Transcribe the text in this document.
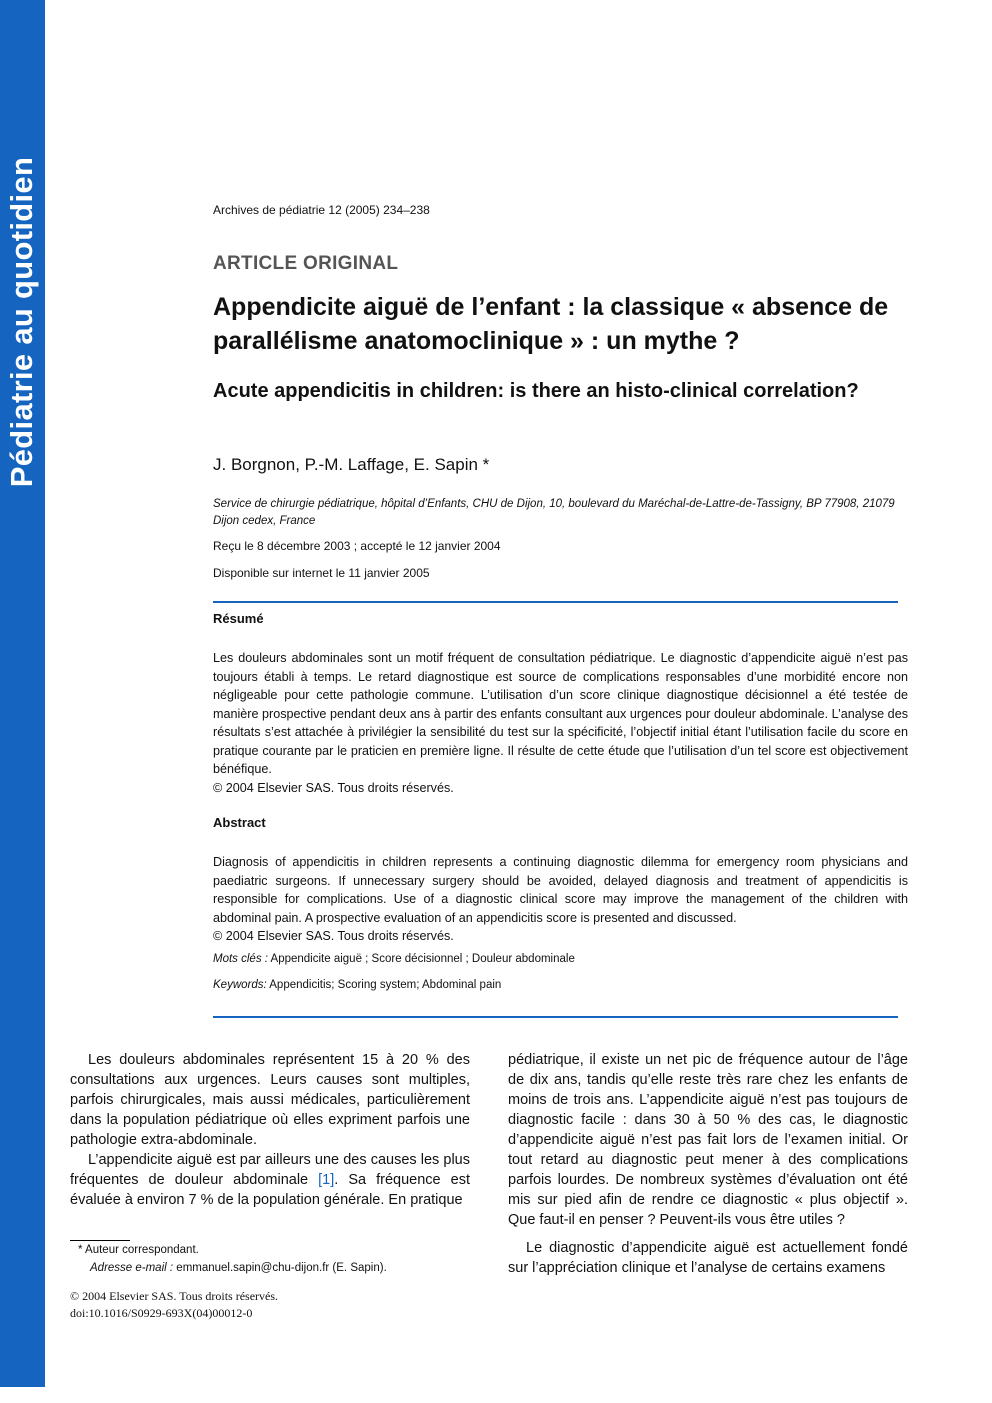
Pédiatrie au quotidien	Archives de pédiatrie 12 (2005) 234–238
ARTICLE ORIGINAL
Appendicite aiguë de l’enfant : la classique « absence de parallélisme anatomoclinique » : un mythe ?
Acute appendicitis in children: is there an histo-clinical correlation?
J. Borgnon, P.-M. Laffage, E. Sapin *
Service de chirurgie pédiatrique, hôpital d’Enfants, CHU de Dijon, 10, boulevard du Maréchal-de-Lattre-de-Tassigny, BP 77908, 21079 Dijon cedex, France
Reçu le 8 décembre 2003 ; accepté le 12 janvier 2004
Disponible sur internet le 11 janvier 2005
Résumé
Les douleurs abdominales sont un motif fréquent de consultation pédiatrique. Le diagnostic d’appendicite aiguë n’est pas toujours établi à temps. Le retard diagnostique est source de complications responsables d’une morbidité encore non négligeable pour cette pathologie commune. L’utilisation d’un score clinique diagnostique décisionnel a été testée de manière prospective pendant deux ans à partir des enfants consultant aux urgences pour douleur abdominale. L’analyse des résultats s’est attachée à privilégier la sensibilité du test sur la spécificité, l’objectif initial étant l’utilisation facile du score en pratique courante par le praticien en première ligne. Il résulte de cette étude que l’utilisation d’un tel score est objectivement bénéfique.
© 2004 Elsevier SAS. Tous droits réservés.
Abstract
Diagnosis of appendicitis in children represents a continuing diagnostic dilemma for emergency room physicians and paediatric surgeons. If unnecessary surgery should be avoided, delayed diagnosis and treatment of appendicitis is responsible for complications. Use of a diagnostic clinical score may improve the management of the children with abdominal pain. A prospective evaluation of an appendicitis score is presented and discussed.
© 2004 Elsevier SAS. Tous droits réservés.
Mots clés : Appendicite aiguë ; Score décisionnel ; Douleur abdominale
Keywords: Appendicitis; Scoring system; Abdominal pain

Les douleurs abdominales représentent 15 à 20 % des consultations aux urgences. Leurs causes sont multiples, parfois chirurgicales, mais aussi médicales, particulièrement dans la population pédiatrique où elles expriment parfois une pathologie extra-abdominale.

L’appendicite aiguë est par ailleurs une des causes les plus fréquentes de douleur abdominale [1]. Sa fréquence est évaluée à environ 7 % de la population générale. En pratique

pédiatrique, il existe un net pic de fréquence autour de l’âge de dix ans, tandis qu’elle reste très rare chez les enfants de moins de trois ans. L’appendicite aiguë n’est pas toujours de diagnostic facile : dans 30 à 50 % des cas, le diagnostic d’appendicite aiguë n’est pas fait lors de l’examen initial. Or tout retard au diagnostic peut mener à des complications parfois lourdes. De nombreux systèmes d’évaluation ont été mis sur pied afin de rendre ce diagnostic « plus objectif ». Que faut-il en penser ? Peuvent-ils vous être utiles ?

Le diagnostic d’appendicite aiguë est actuellement fondé sur l’appréciation clinique et l’analyse de certains examens

* Auteur correspondant.
Adresse e-mail : emmanuel.sapin@chu-dijon.fr (E. Sapin).
© 2004 Elsevier SAS. Tous droits réservés.
doi:10.1016/S0929-693X(04)00012-0
